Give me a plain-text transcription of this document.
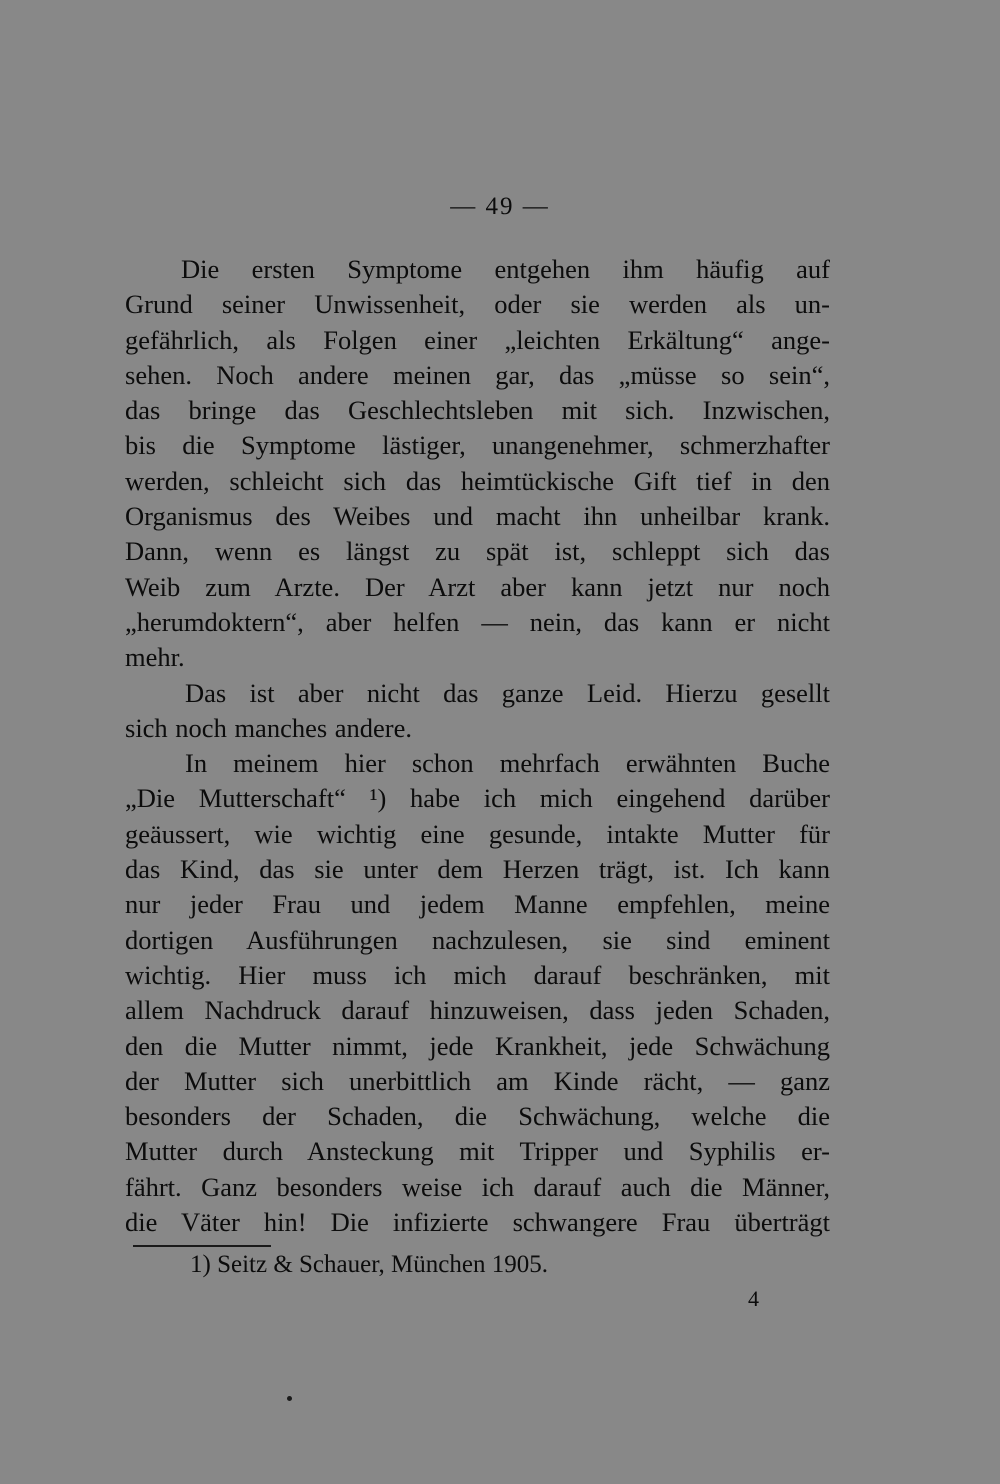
— 49 —
Die ersten Symptome entgehen ihm häufig auf
Grund seiner Unwissenheit, oder sie werden als un-
gefährlich, als Folgen einer „leichten Erkältung“ ange-
sehen. Noch andere meinen gar, das „müsse so sein“,
das bringe das Geschlechtsleben mit sich. Inzwischen,
bis die Symptome lästiger, unangenehmer, schmerzhafter
werden, schleicht sich das heimtückische Gift tief in den
Organismus des Weibes und macht ihn unheilbar krank.
Dann, wenn es längst zu spät ist, schleppt sich das
Weib zum Arzte. Der Arzt aber kann jetzt nur noch
„herumdoktern“, aber helfen — nein, das kann er nicht
mehr.
Das ist aber nicht das ganze Leid. Hierzu gesellt
sich noch manches andere.
In meinem hier schon mehrfach erwähnten Buche
„Die Mutterschaft“ ¹) habe ich mich eingehend darüber
geäussert, wie wichtig eine gesunde, intakte Mutter für
das Kind, das sie unter dem Herzen trägt, ist. Ich kann
nur jeder Frau und jedem Manne empfehlen, meine
dortigen Ausführungen nachzulesen, sie sind eminent
wichtig. Hier muss ich mich darauf beschränken, mit
allem Nachdruck darauf hinzuweisen, dass jeden Schaden,
den die Mutter nimmt, jede Krankheit, jede Schwächung
der Mutter sich unerbittlich am Kinde rächt, — ganz
besonders der Schaden, die Schwächung, welche die
Mutter durch Ansteckung mit Tripper und Syphilis er-
fährt. Ganz besonders weise ich darauf auch die Männer,
die Väter hin! Die infizierte schwangere Frau überträgt
1) Seitz & Schauer, München 1905.
4
